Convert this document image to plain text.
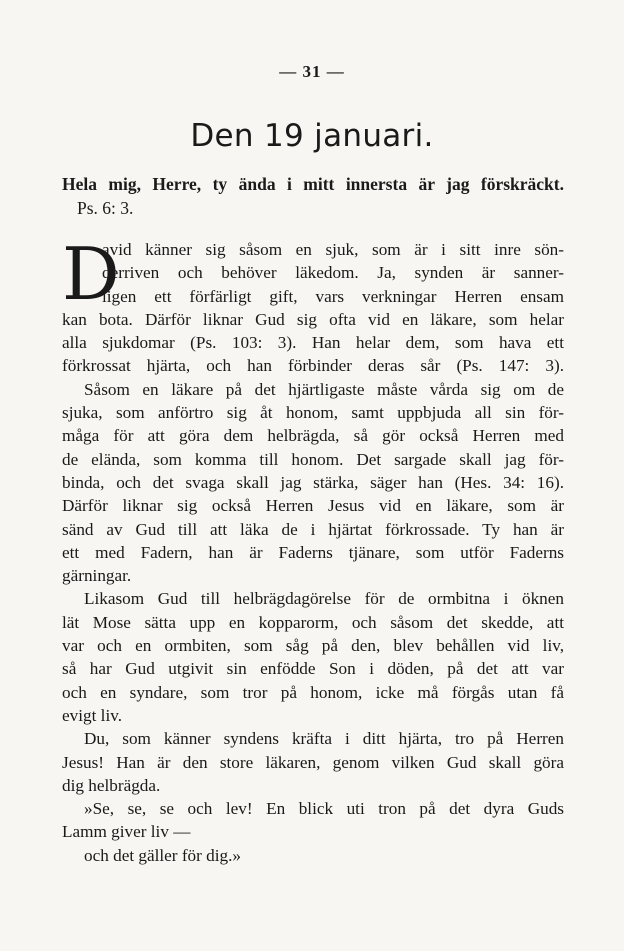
— 31 —
Den 19 januari.
Hela mig, Herre, ty ända i mitt innersta är jag förskräckt.
Ps. 6: 3.
D
avid känner sig såsom en sjuk, som är i sitt inre sön-
derriven och behöver läkedom. Ja, synden är sanner-
ligen ett förfärligt gift, vars verkningar Herren ensam
kan bota. Därför liknar Gud sig ofta vid en läkare, som helar
alla sjukdomar (Ps. 103: 3). Han helar dem, som hava ett
förkrossat hjärta, och han förbinder deras sår (Ps. 147: 3).
Såsom en läkare på det hjärtligaste måste vårda sig om de
sjuka, som anförtro sig åt honom, samt uppbjuda all sin för-
måga för att göra dem helbrägda, så gör också Herren med
de elända, som komma till honom. Det sargade skall jag för-
binda, och det svaga skall jag stärka, säger han (Hes. 34: 16).
Därför liknar sig också Herren Jesus vid en läkare, som är
sänd av Gud till att läka de i hjärtat förkrossade. Ty han är
ett med Fadern, han är Faderns tjänare, som utför Faderns
gärningar.
Likasom Gud till helbrägdagörelse för de ormbitna i öknen
lät Mose sätta upp en kopparorm, och såsom det skedde, att
var och en ormbiten, som såg på den, blev behållen vid liv,
så har Gud utgivit sin enfödde Son i döden, på det att var
och en syndare, som tror på honom, icke må förgås utan få
evigt liv.
Du, som känner syndens kräfta i ditt hjärta, tro på Herren
Jesus! Han är den store läkaren, genom vilken Gud skall göra
dig helbrägda.
»Se, se, se och lev! En blick uti tron på det dyra Guds
Lamm giver liv —
och det gäller för dig.»
